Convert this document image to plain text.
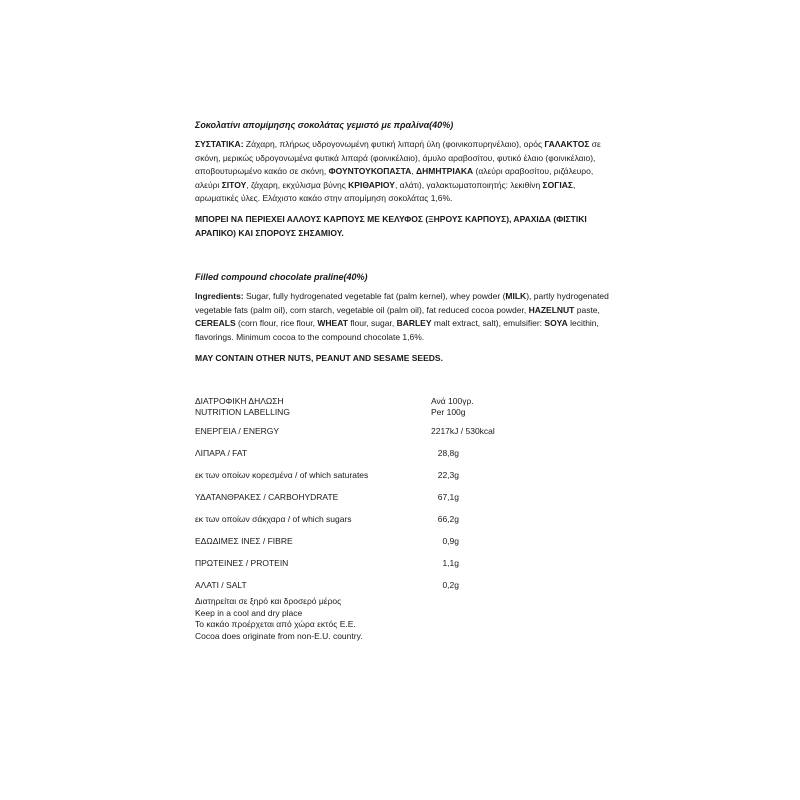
Σοκολατίνι απομίμησης σοκολάτας γεμιστό με πραλίνα(40%)

ΣΥΣΤΑΤΙΚΑ: Ζάχαρη, πλήρως υδρογονωμένη φυτική λιπαρή ύλη (φοινικοπυρηνέλαιο), ορός ΓΑΛΑΚΤΟΣ σε σκόνη, μερικώς υδρογονωμένα φυτικά λιπαρά (φοινικέλαιο), άμυλο αραβοσίτου, φυτικό έλαιο (φοινικέλαιο), αποβουτυρωμένο κακάο σε σκόνη, ΦΟΥΝΤΟΥΚΟΠΑΣΤΑ, ΔΗΜΗΤΡΙΑΚΑ (αλεύρι αραβοσίτου, ριζάλευρο, αλεύρι ΣΙΤΟΥ, ζάχαρη, εκχύλισμα βύνης ΚΡΙΘΑΡΙΟΥ, αλάτι), γαλακτωματοποιητής: λεκιθίνη ΣΟΓΙΑΣ, αρωματικές ύλες. Ελάχιστο κακάο στην απομίμηση σοκολάτας 1,6%.

ΜΠΟΡΕΙ ΝΑ ΠΕΡΙΕΧΕΙ ΑΛΛΟΥΣ ΚΑΡΠΟΥΣ ΜΕ ΚΕΛΥΦΟΣ (ΞΗΡΟΥΣ ΚΑΡΠΟΥΣ), ΑΡΑΧΙΔΑ (ΦΙΣΤΙΚΙ ΑΡΑΠΙΚΟ) ΚΑΙ ΣΠΟΡΟΥΣ ΣΗΣΑΜΙΟΥ.

Filled compound chocolate praline(40%)

Ingredients: Sugar, fully hydrogenated vegetable fat (palm kernel), whey powder (MILK), partly hydrogenated vegetable fats (palm oil), corn starch, vegetable oil (palm oil), fat reduced cocoa powder, HAZELNUT paste, CEREALS (corn flour, rice flour, WHEAT flour, sugar, BARLEY malt extract, salt), emulsifier: SOYA lecithin, flavorings. Minimum cocoa to the compound chocolate 1,6%.

MAY CONTAIN OTHER NUTS, PEANUT AND SESAME SEEDS.

ΔΙΑΤΡΟΦΙΚΗ ΔΗΛΩΣΗ	Ανά 100γρ.
NUTRITION LABELLING	Per 100g
ΕΝΕΡΓΕΙΑ / ENERGY	2217kJ / 530kcal
ΛΙΠΑΡΑ / FAT	28,8g
εκ των οποίων κορεσμένα / of which saturates	22,3g
ΥΔΑΤΑΝΘΡΑΚΕΣ / CARBOHYDRATE	67,1g
εκ των οποίων σάκχαρα / of which sugars	66,2g
ΕΔΩΔΙΜΕΣ ΙΝΕΣ / FIBRE	0,9g
ΠΡΩΤΕΙΝΕΣ / PROTEIN	1,1g
ΑΛΑΤΙ / SALT	0,2g
Διατηρείται σε ξηρό και δροσερό μέρος
Keep in a cool and dry place
Το κακάο προέρχεται από χώρα εκτός Ε.Ε.
Cocoa does originate from non-E.U. country.
